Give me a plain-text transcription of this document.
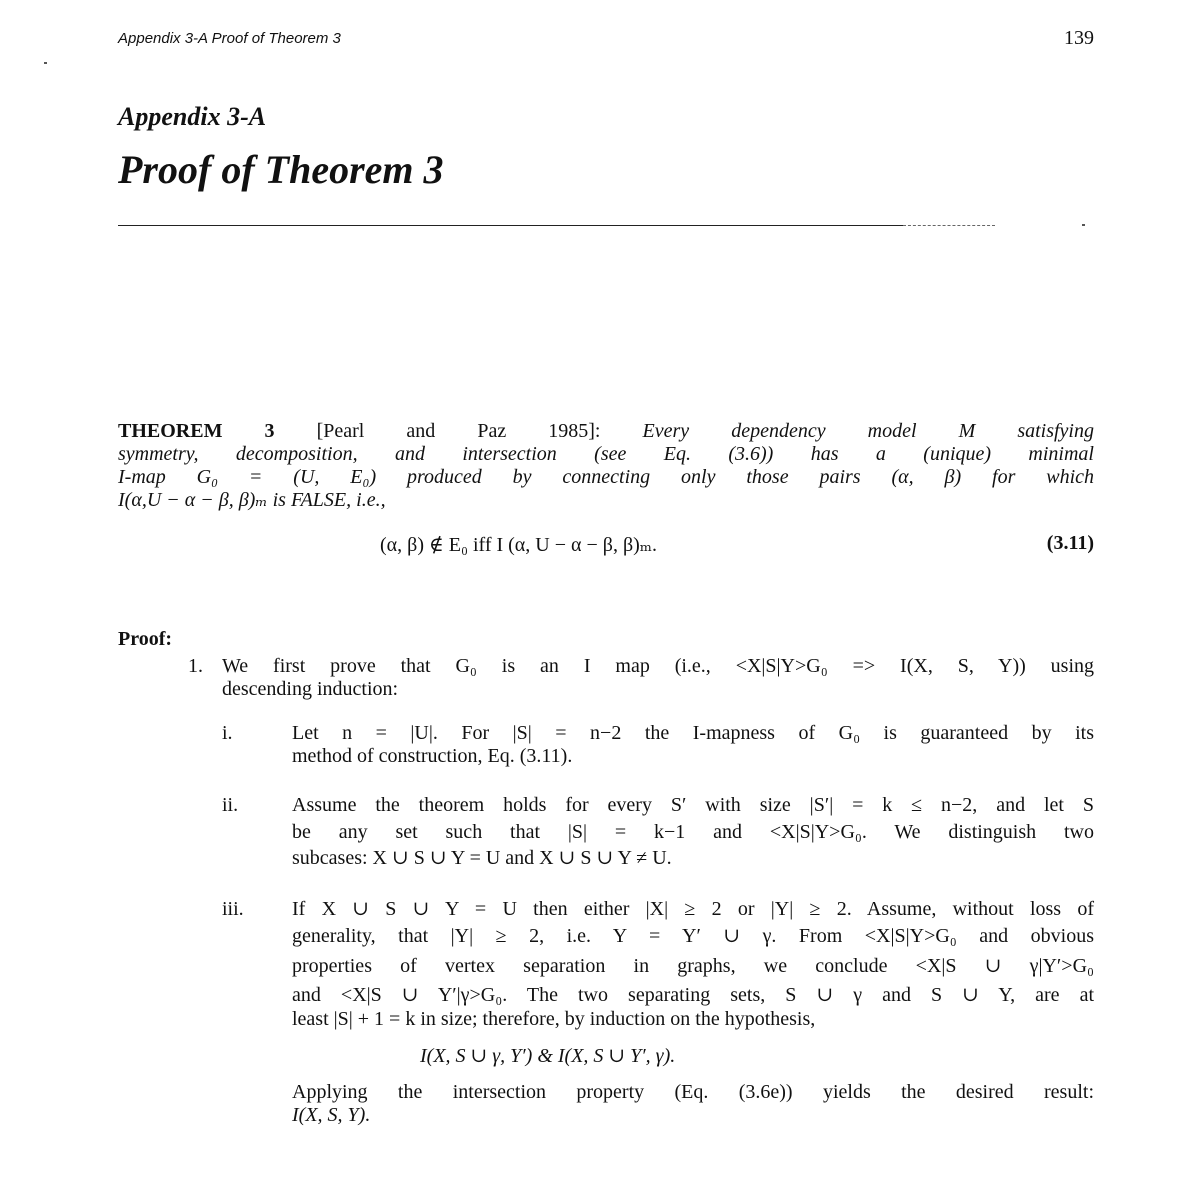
Appendix 3-A Proof of Theorem 3	139
Appendix 3-A
Proof of Theorem 3
THEOREM 3 [Pearl and Paz 1985]: Every dependency model M satisfying
symmetry, decomposition, and intersection (see Eq. (3.6)) has a (unique) minimal
I-map G₀ = (U, E₀) produced by connecting only those pairs (α, β) for which
I(α,U − α − β, β)ₘ is FALSE, i.e.,
(α, β) ∉ E₀ iff I (α, U − α − β, β)ₘ.	(3.11)
Proof:
1. We first prove that G₀ is an I map (i.e., <X|S|Y>G₀ => I(X, S, Y)) using
descending induction:
i.	Let n = |U|. For |S| = n−2 the I-mapness of G₀ is guaranteed by its
method of construction, Eq. (3.11).
ii.	Assume the theorem holds for every S′ with size |S′| = k ≤ n−2, and let S
be any set such that |S| = k−1 and <X|S|Y>G₀. We distinguish two
subcases: X ∪ S ∪ Y = U and X ∪ S ∪ Y ≠ U.
iii. If X ∪ S ∪ Y = U then either |X| ≥ 2 or |Y| ≥ 2. Assume, without loss of
generality, that |Y| ≥ 2, i.e. Y = Y′ ∪ γ. From <X|S|Y>G₀ and obvious
properties of vertex separation in graphs, we conclude <X|S ∪ γ|Y′>G₀
and <X|S ∪ Y′|γ>G₀. The two separating sets, S ∪ γ and S ∪ Y, are at
least |S| + 1 = k in size; therefore, by induction on the hypothesis,
I(X, S ∪ γ, Y′) & I(X, S ∪ Y′, γ).
Applying the intersection property (Eq. (3.6e)) yields the desired result:
I(X, S, Y).
